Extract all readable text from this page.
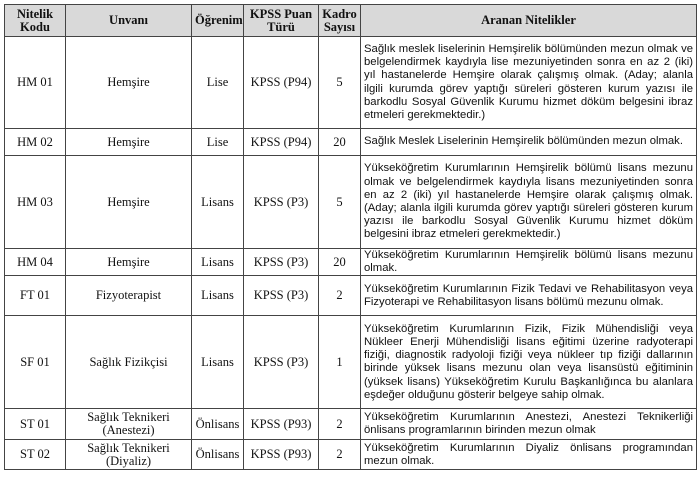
Nitelik Kodu	Unvanı	Öğrenim	KPSS Puan Türü	Kadro Sayısı	Aranan Nitelikler
HM 01	Hemşire	Lise	KPSS (P94)	5	Sağlık meslek liselerinin Hemşirelik bölümünden mezun olmak ve belgelendirmek kaydıyla lise mezuniyetinden sonra en az 2 (iki) yıl hastanelerde Hemşire olarak çalışmış olmak. (Aday; alanla ilgili kurumda görev yaptığı süreleri gösteren kurum yazısı ile barkodlu Sosyal Güvenlik Kurumu hizmet döküm belgesini ibraz etmeleri gerekmektedir.)
HM 02	Hemşire	Lise	KPSS (P94)	20	Sağlık Meslek Liselerinin Hemşirelik bölümünden mezun olmak.
HM 03	Hemşire	Lisans	KPSS (P3)	5	Yükseköğretim Kurumlarının Hemşirelik bölümü lisans mezunu olmak ve belgelendirmek kaydıyla lisans mezuniyetinden sonra en az 2 (iki) yıl hastanelerde Hemşire olarak çalışmış olmak. (Aday; alanla ilgili kurumda görev yaptığı süreleri gösteren kurum yazısı ile barkodlu Sosyal Güvenlik Kurumu hizmet döküm belgesini ibraz etmeleri gerekmektedir.)
HM 04	Hemşire	Lisans	KPSS (P3)	20	Yükseköğretim Kurumlarının Hemşirelik bölümü lisans mezunu olmak.
FT 01	Fizyoterapist	Lisans	KPSS (P3)	2	Yükseköğretim Kurumlarının Fizik Tedavi ve Rehabilitasyon veya Fizyoterapi ve Rehabilitasyon lisans bölümü mezunu olmak.
SF 01	Sağlık Fizikçisi	Lisans	KPSS (P3)	1	Yükseköğretim Kurumlarının Fizik, Fizik Mühendisliği veya Nükleer Enerji Mühendisliği lisans eğitimi üzerine radyoterapi fiziği, diagnostik radyoloji fiziği veya nükleer tıp fiziği dallarının birinde yüksek lisans mezunu olan veya lisansüstü eğitiminin (yüksek lisans) Yükseköğretim Kurulu Başkanlığınca bu alanlara eşdeğer olduğunu gösterir belgeye sahip olmak.
ST 01	Sağlık Teknikeri (Anestezi)	Önlisans	KPSS (P93)	2	Yükseköğretim Kurumlarının Anestezi, Anestezi Teknikerliği önlisans programlarının birinden mezun olmak
ST 02	Sağlık Teknikeri (Diyaliz)	Önlisans	KPSS (P93)	2	Yükseköğretim Kurumlarının Diyaliz önlisans programından mezun olmak.
